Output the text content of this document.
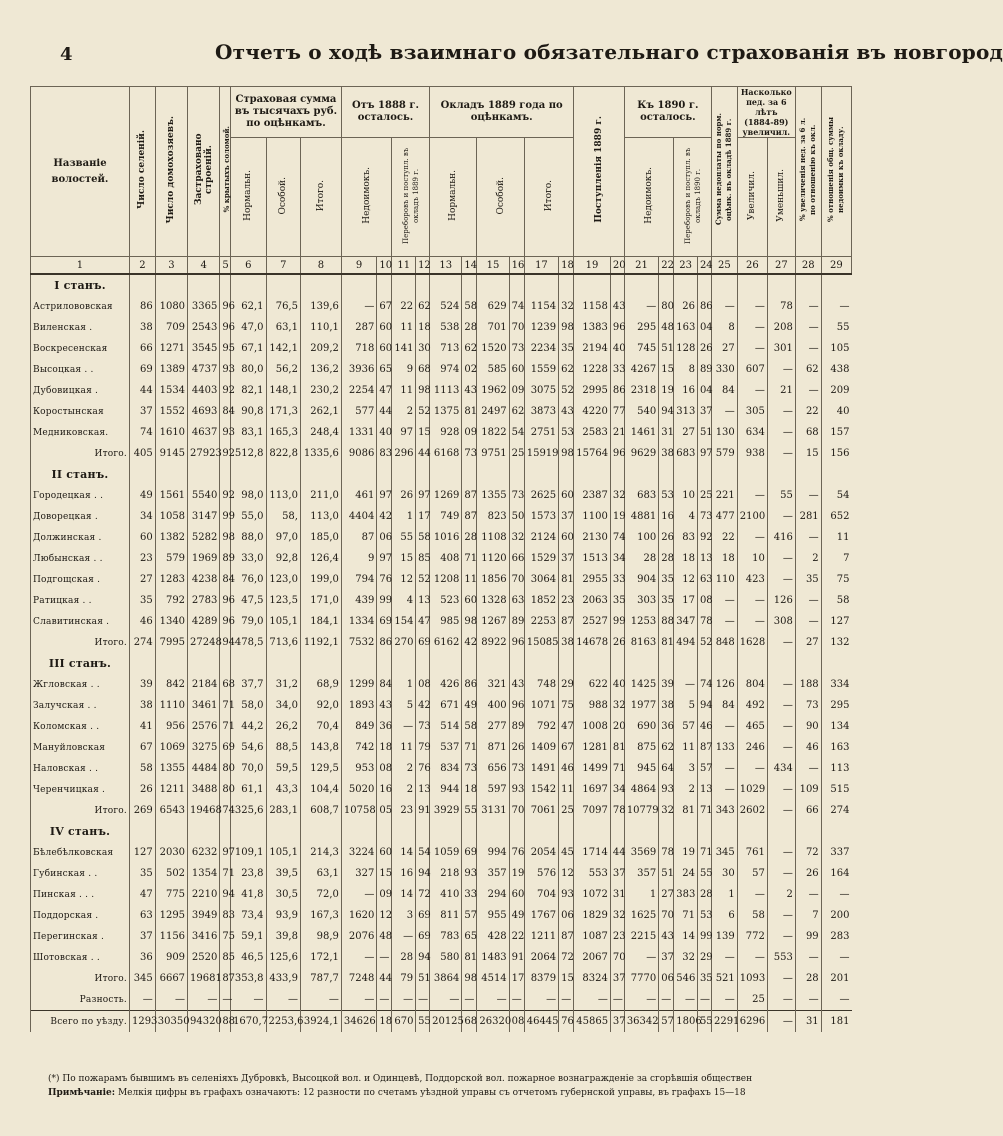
4	Отчетъ о ходѣ взаимнаго обязательнаго страхованія въ новгород
Названіе волостей.	Число селеній.	Число домохозяевъ.	Застраховано строеній.	% крытыхъ соломой.	Страховая сумма въ тысячахъ руб. по оцѣнкамъ.			Отъ 1888 г. осталось.				Окладъ 1889 года по оцѣнкамъ.						Поступленія 1889 г.		Къ 1890 г. осталось.				Сумма недоплаты по норм. оцѣнк. въ окладѣ 1889 г.	Насколько пед. за 6 лѣтъ (1884-89) увеличил.		% увеличенія нед. за 6 л. по отношенію къ окл.	% отношенія общ. суммы недоимки къ окладу.
					Нормальн.	Особой.	Итого.	Недоимокъ.		Переборовъ и поступл. въ окладъ 1889 г.		Нормальн.		Особой.		Итого.				Недоимокъ.		Переборовъ и поступл. въ окладъ 1890 г.			Увеличил.	Уменьшил.		
1	2	3	4	5	6	7	8	9	10	11	12	13	14	15	16	17	18	19	20	21	22	23	24	25	26	27	28	29
I станъ.																												
Астрилововская	86	1080	3365	96	62,1	76,5	139,6	—	67	22	62	524	58	629	74	1154	32	1158	43	—	80	26	86	—	—	78	—	—
Виленская .	38	709	2543	96	47,0	63,1	110,1	287	60	11	18	538	28	701	70	1239	98	1383	96	295	48	163	04	8	—	208	—	55
Воскресенская	66	1271	3545	95	67,1	142,1	209,2	718	60	141	30	713	62	1520	73	2234	35	2194	40	745	51	128	26	27	—	301	—	105
Высоцкая . .	69	1389	4737	93	80,0	56,2	136,2	3936	65	9	68	974	02	585	60	1559	62	1228	33	4267	15	8	89	330	607	—	62	438
Дубовицкая .	44	1534	4403	92	82,1	148,1	230,2	2254	47	11	98	1113	43	1962	09	3075	52	2995	86	2318	19	16	04	84	—	21	—	209
Коростынская	37	1552	4693	84	90,8	171,3	262,1	577	44	2	52	1375	81	2497	62	3873	43	4220	77	540	94	313	37	—	305	—	22	40
Медниковская.	74	1610	4637	93	83,1	165,3	248,4	1331	40	97	15	928	09	1822	54	2751	53	2583	21	1461	31	27	51	130	634	—	68	157
Итого.	405	9145	27923	92	512,8	822,8	1335,6	9086	83	296	44	6168	73	9751	25	15919	98	15764	96	9629	38	683	97	579	938	—	15	156
II станъ.																												
Городецкая . .	49	1561	5540	92	98,0	113,0	211,0	461	97	26	97	1269	87	1355	73	2625	60	2387	32	683	53	10	25	221	—	55	—	54
Доворецкая .	34	1058	3147	99	55,0	58,	113,0	4404	42	1	17	749	87	823	50	1573	37	1100	19	4881	16	4	73	477	2100	—	281	652
Должинская .	60	1382	5282	98	88,0	97,0	185,0	87	06	55	58	1016	28	1108	32	2124	60	2130	74	100	26	83	92	22	—	416	—	11
Любынская . .	23	579	1969	89	33,0	92,8	126,4	9	97	15	85	408	71	1120	66	1529	37	1513	34	28	28	18	13	18	10	—	2	7
Подгощская .	27	1283	4238	84	76,0	123,0	199,0	794	76	12	52	1208	11	1856	70	3064	81	2955	33	904	35	12	63	110	423	—	35	75
Ратицкая . .	35	792	2783	96	47,5	123,5	171,0	439	99	4	13	523	60	1328	63	1852	23	2063	35	303	35	17	08	—	—	126	—	58
Славитинская .	46	1340	4289	96	79,0	105,1	184,1	1334	69	154	47	985	98	1267	89	2253	87	2527	99	1253	88	347	78	—	—	308	—	127
Итого.	274	7995	27248	94	478,5	713,6	1192,1	7532	86	270	69	6162	42	8922	96	15085	38	14678	26	8163	81	494	52	848	1628	—	27	132
III станъ.																												
Жгловская . .	39	842	2184	68	37,7	31,2	68,9	1299	84	1	08	426	86	321	43	748	29	622	40	1425	39	—	74	126	804	—	188	334
Залучская . .	38	1110	3461	71	58,0	34,0	92,0	1893	43	5	42	671	49	400	96	1071	75	988	32	1977	38	5	94	84	492	—	73	295
Коломская . .	41	956	2576	71	44,2	26,2	70,4	849	36	—	73	514	58	277	89	792	47	1008	20	690	36	57	46	—	465	—	90	134
Мануйловская	67	1069	3275	69	54,6	88,5	143,8	742	18	11	79	537	71	871	26	1409	67	1281	81	875	62	11	87	133	246	—	46	163
Наловская . .	58	1355	4484	80	70,0	59,5	129,5	953	08	2	76	834	73	656	73	1491	46	1499	71	945	64	3	57	—	—	434	—	113
Черенчицкая .	26	1211	3488	80	61,1	43,3	104,4	5020	16	2	13	944	18	597	93	1542	11	1697	34	4864	93	2	13	—	1029	—	109	515
Итого.	269	6543	19468	74	325,6	283,1	608,7	10758	05	23	91	3929	55	3131	70	7061	25	7097	78	10779	32	81	71	343	2602	—	66	274
IV станъ.																												
Бѣлебѣлковская	127	2030	6232	97	109,1	105,1	214,3	3224	60	14	54	1059	69	994	76	2054	45	1714	44	3569	78	19	71	345	761	—	72	337
Губинская . .	35	502	1354	71	23,8	39,5	63,1	327	15	16	94	218	93	357	19	576	12	553	37	357	51	24	55	30	57	—	26	164
Пинская . . .	47	775	2210	94	41,8	30,5	72,0	—	09	14	72	410	33	294	60	704	93	1072	31	1	27	383	28	1	—	2	—	—
Поддорская .	63	1295	3949	83	73,4	93,9	167,3	1620	12	3	69	811	57	955	49	1767	06	1829	32	1625	70	71	53	6	58	—	7	200
Перегинская .	37	1156	3416	75	59,1	39,8	98,9	2076	48	—	69	783	65	428	22	1211	87	1087	23	2215	43	14	99	139	772	—	99	283
Шотовская . .	36	909	2520	85	46,5	125,6	172,1	—	—	28	94	580	81	1483	91	2064	72	2067	70	—	37	32	29	—	—	553	—	—
Итого.	345	6667	19681	87	353,8	433,9	787,7	7248	44	79	51	3864	98	4514	17	8379	15	8324	37	7770	06	546	35	521	1093	—	28	201
Разность.	—	—	—	—	—	—	—	—	—	—	—	—	—	—	—	—	—	—	—	—	—	—	—	—	25	—	—	—
Всего по уѣзду.	1293	30350	94320	88	1670,7	2253,6	3924,1	34626	18	670	55	20125	68	26320	08	46445	76	45865	37	36342	57	1806	55	2291	6296	—	31	181
(*) По пожарамъ бывшимъ въ селеніяхъ Дубровкѣ, Высоцкой вол. и Одинцевѣ, Поддорской вол. пожарное вознагражденіе за сгорѣвшія обществен
Примѣчаніе: Мелкія цифры въ графахъ означаютъ: 12 разности по счетамъ уѣздной управы съ отчетомъ губернской управы, въ графахъ 15—18
